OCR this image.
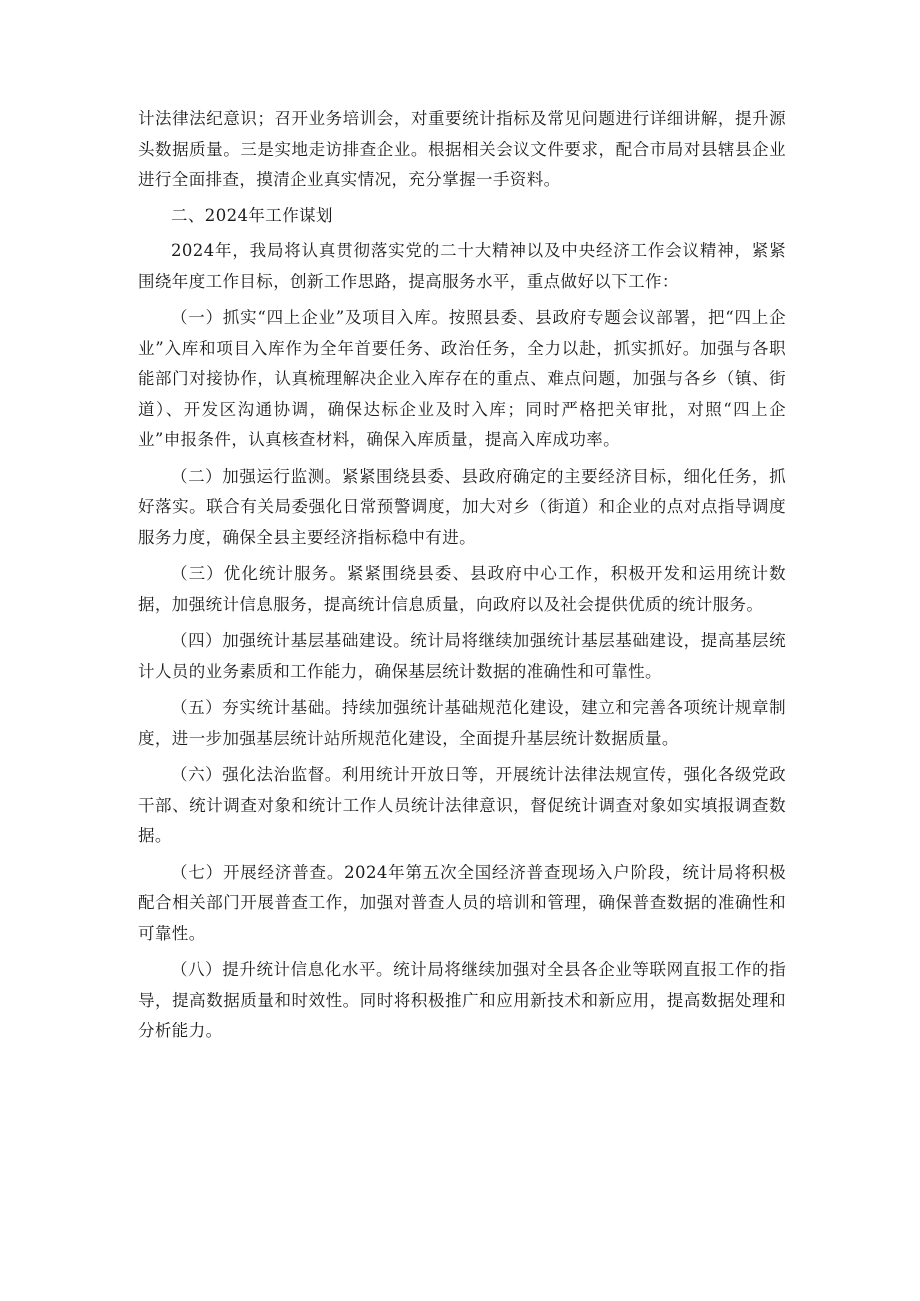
计法律法纪意识；召开业务培训会，对重要统计指标及常见问题进行详细讲解，提升源头数据质量。三是实地走访排查企业。根据相关会议文件要求，配合市局对县辖县企业进行全面排查，摸清企业真实情况，充分掌握一手资料。

二、2024年工作谋划

2024年，我局将认真贯彻落实党的二十大精神以及中央经济工作会议精神，紧紧围绕年度工作目标，创新工作思路，提高服务水平，重点做好以下工作：

（一）抓实“四上企业”及项目入库。按照县委、县政府专题会议部署，把“四上企业”入库和项目入库作为全年首要任务、政治任务，全力以赴，抓实抓好。加强与各职能部门对接协作，认真梳理解决企业入库存在的重点、难点问题，加强与各乡（镇、街道）、开发区沟通协调，确保达标企业及时入库；同时严格把关审批，对照“四上企业”申报条件，认真核查材料，确保入库质量，提高入库成功率。

（二）加强运行监测。紧紧围绕县委、县政府确定的主要经济目标，细化任务，抓好落实。联合有关局委强化日常预警调度，加大对乡（街道）和企业的点对点指导调度服务力度，确保全县主要经济指标稳中有进。

（三）优化统计服务。紧紧围绕县委、县政府中心工作，积极开发和运用统计数据，加强统计信息服务，提高统计信息质量，向政府以及社会提供优质的统计服务。

（四）加强统计基层基础建设。统计局将继续加强统计基层基础建设，提高基层统计人员的业务素质和工作能力，确保基层统计数据的准确性和可靠性。

（五）夯实统计基础。持续加强统计基础规范化建设，建立和完善各项统计规章制度，进一步加强基层统计站所规范化建设，全面提升基层统计数据质量。

（六）强化法治监督。利用统计开放日等，开展统计法律法规宣传，强化各级党政干部、统计调查对象和统计工作人员统计法律意识，督促统计调查对象如实填报调查数据。

（七）开展经济普查。2024年第五次全国经济普查现场入户阶段，统计局将积极配合相关部门开展普查工作，加强对普查人员的培训和管理，确保普查数据的准确性和可靠性。

（八）提升统计信息化水平。统计局将继续加强对全县各企业等联网直报工作的指导，提高数据质量和时效性。同时将积极推广和应用新技术和新应用，提高数据处理和分析能力。
